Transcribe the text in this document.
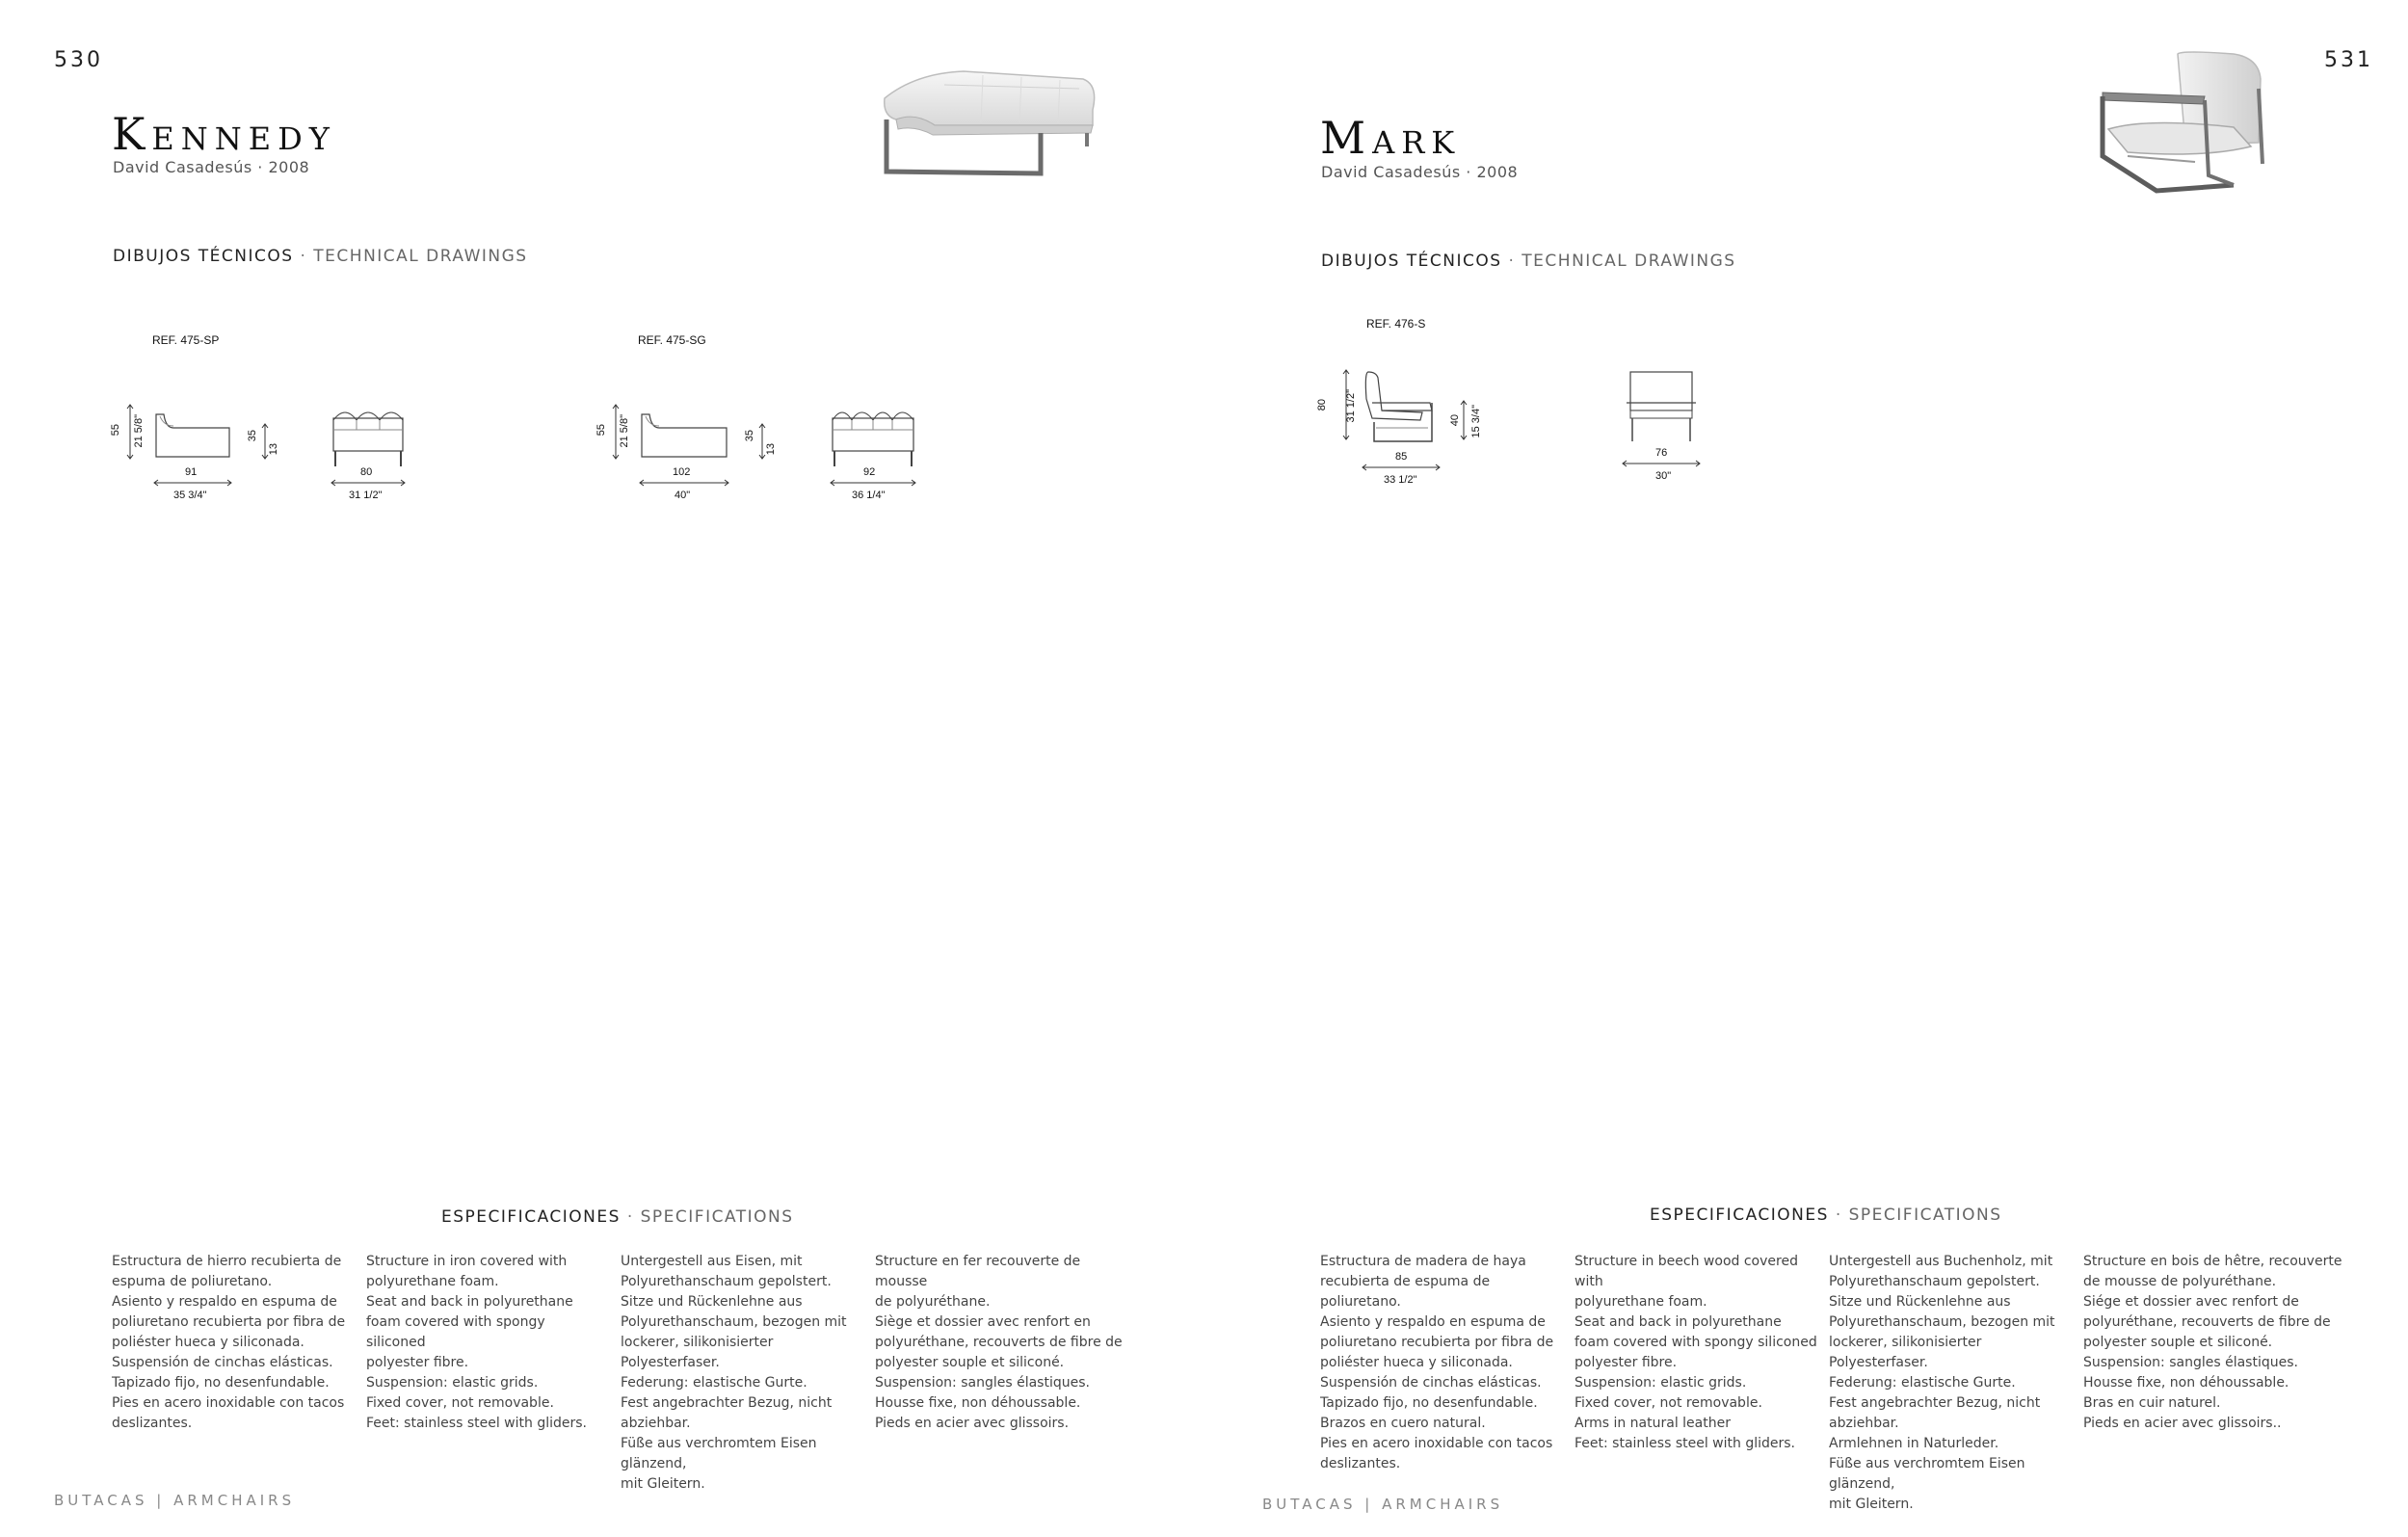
530
Kennedy
David Casadesús · 2008
DIBUJOS TÉCNICOS · TECHNICAL DRAWINGS
REF. 475-SP
55 21 5/8"	35
13
91
35 3/4"
80
31 1/2"
REF. 475-SG
55 21 5/8"	35
13
102
40"
92
36 1/4"
ESPECIFICACIONES · SPECIFICATIONS
Estructura de hierro recubierta de
espuma de poliuretano.
Asiento y respaldo en espuma de
poliuretano recubierta por fibra de
poliéster hueca y siliconada.
Suspensión de cinchas elásticas.
Tapizado fijo, no desenfundable.
Pies en acero inoxidable con tacos
deslizantes.
Structure in iron covered with
polyurethane foam.
Seat and back in polyurethane
foam covered with spongy siliconed
polyester fibre.
Suspension: elastic grids.
Fixed cover, not removable.
Feet: stainless steel with gliders.
Untergestell aus Eisen, mit
Polyurethanschaum gepolstert.
Sitze und Rückenlehne aus
Polyurethanschaum, bezogen mit
lockerer, silikonisierter Polyesterfaser.
Federung: elastische Gurte.
Fest angebrachter Bezug, nicht
abziehbar.
Füße aus verchromtem Eisen glänzend,
mit Gleitern.
Structure en fer recouverte de mousse
de polyuréthane.
Siège et dossier avec renfort en
polyuréthane, recouverts de fibre de
polyester souple et siliconé.
Suspension: sangles élastiques.
Housse fixe, non déhoussable.
Pieds en acier avec glissoirs.
BUTACAS | ARMCHAIRS
531
Mark
David Casadesús · 2008
DIBUJOS TÉCNICOS · TECHNICAL DRAWINGS
REF. 476-S
80 31 1/2"	40 15 3/4"
85
33 1/2"
76
30"
ESPECIFICACIONES · SPECIFICATIONS
Estructura de madera de haya
recubierta de espuma de poliuretano.
Asiento y respaldo en espuma de
poliuretano recubierta por fibra de
poliéster hueca y siliconada.
Suspensión de cinchas elásticas.
Tapizado fijo, no desenfundable.
Brazos en cuero natural.
Pies en acero inoxidable con tacos
deslizantes.
Structure in beech wood covered with
polyurethane foam.
Seat and back in polyurethane
foam covered with spongy siliconed
polyester fibre.
Suspension: elastic grids.
Fixed cover, not removable.
Arms in natural leather
Feet: stainless steel with gliders.
Untergestell aus Buchenholz, mit
Polyurethanschaum gepolstert.
Sitze und Rückenlehne aus
Polyurethanschaum, bezogen mit
lockerer, silikonisierter Polyesterfaser.
Federung: elastische Gurte.
Fest angebrachter Bezug, nicht
abziehbar.
Armlehnen in Naturleder.
Füße aus verchromtem Eisen glänzend,
mit Gleitern.
Structure en bois de hêtre, recouverte
de mousse de polyuréthane.
Siége et dossier avec renfort de
polyuréthane, recouverts de fibre de
polyester souple et siliconé.
Suspension: sangles élastiques.
Housse fixe, non déhoussable.
Bras en cuir naturel.
Pieds en acier avec glissoirs..
BUTACAS | ARMCHAIRS
